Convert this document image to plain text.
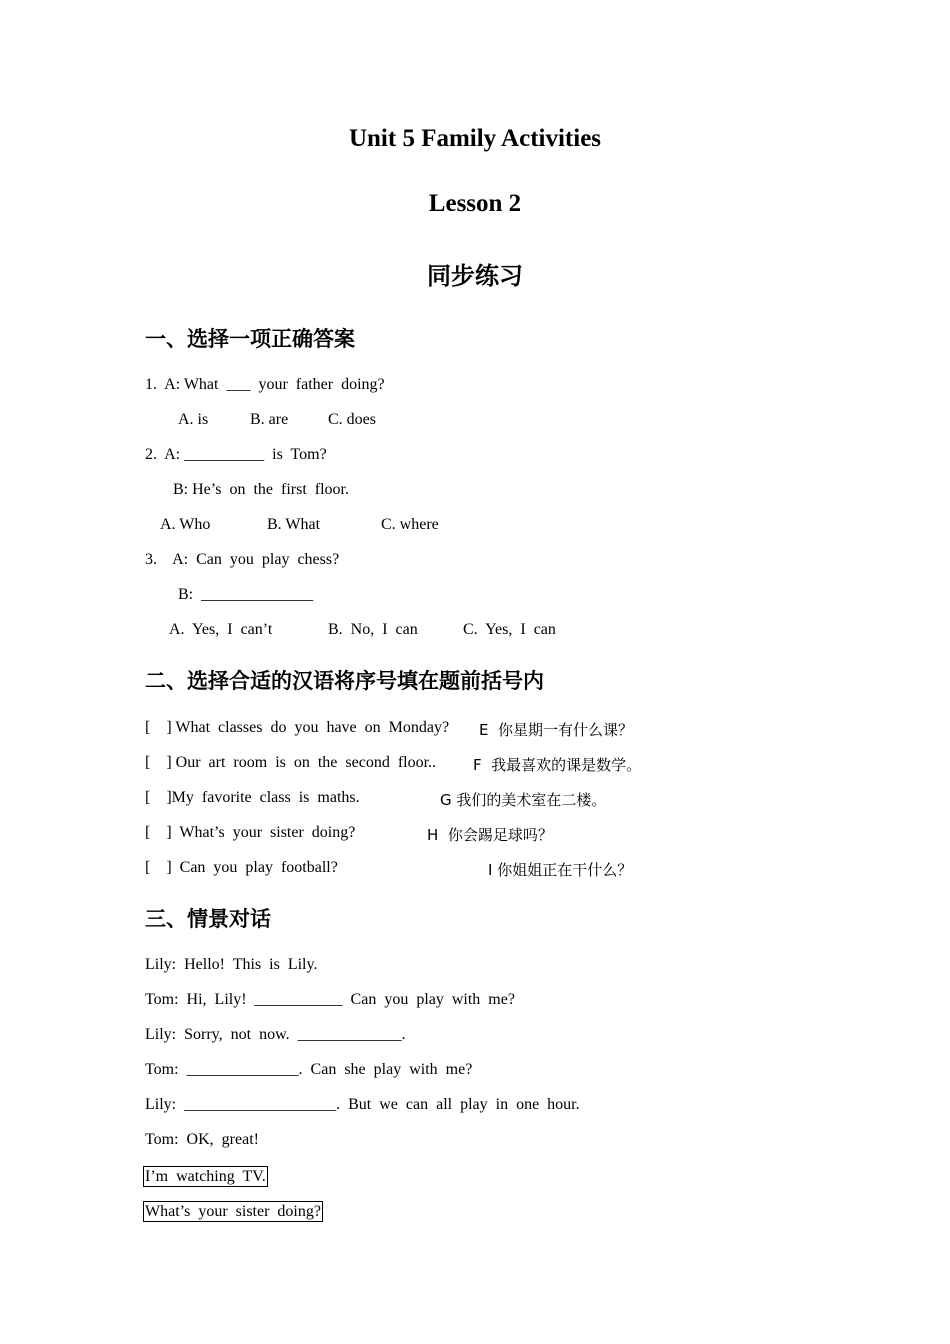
Unit 5 Family Activities
Lesson 2
同步练习
一、选择一项正确答案
1.  A: What  ___  your  father  doing?
A. is	B. are C. does
2.  A: __________  is  Tom?
B: He’s  on  the  first  floor.
A. Who	B. What	C. where
3.    A:  Can  you  play  chess?
B:  ______________
A.  Yes,  I  can’t	B.  No,  I  can	C.  Yes,  I  can
二、选择合适的汉语将序号填在题前括号内
[    ] What  classes  do  you  have  on  Monday? E  你星期一有什么课？
[    ] Our  art  room  is  on  the  second  floor.. F  我最喜欢的课是数学。
[    ]My  favorite  class  is  maths.	G 我们的美术室在二楼。
[    ]  What’s  your  sister  doing?	H  你会踢足球吗？
[    ]  Can  you  play  football?	I 你姐姐正在干什么？
三、情景对话
Lily:  Hello!  This  is  Lily.
Tom:  Hi,  Lily!  ___________  Can  you  play  with  me?
Lily:  Sorry,  not  now.  _____________.
Tom:  ______________.  Can  she  play  with  me?
Lily:  ___________________.  But  we  can  all  play  in  one  hour.
Tom:  OK,  great!
I’m  watching  TV.
What’s  your  sister  doing?
